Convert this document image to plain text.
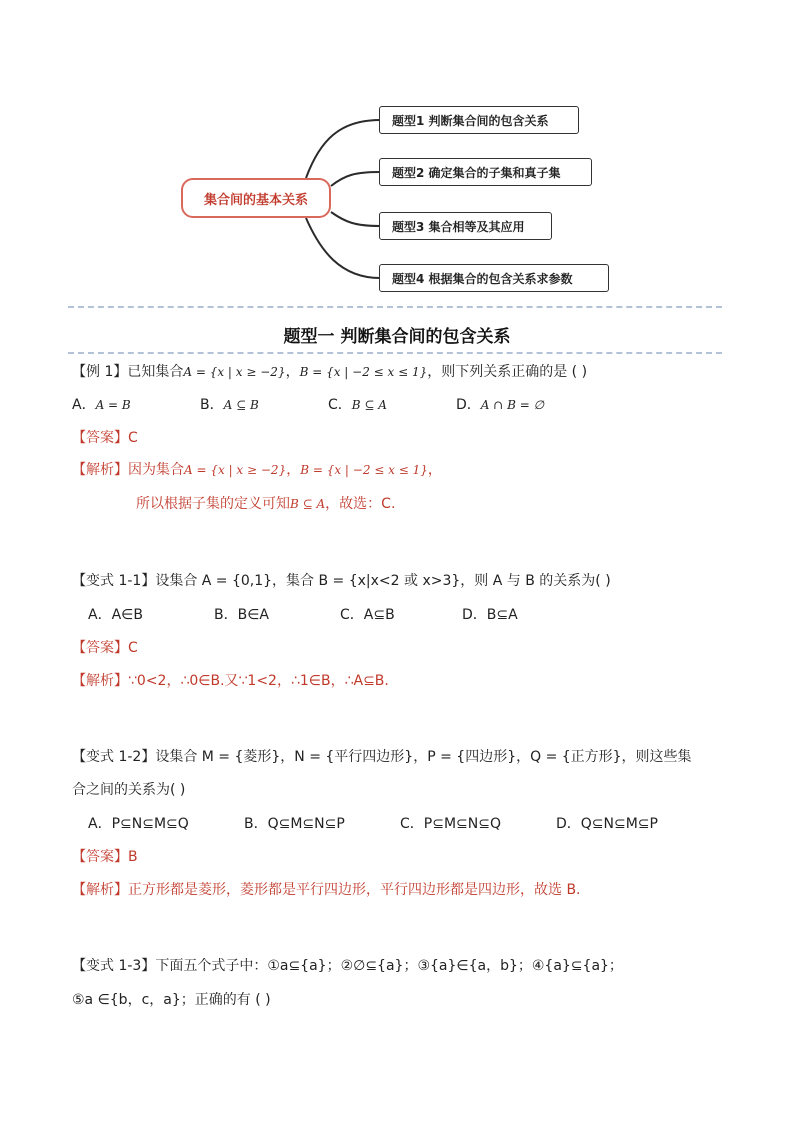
集合间的基本关系
题型1 判断集合间的包含关系
题型2 确定集合的子集和真子集
题型3 集合相等及其应用
题型4 根据集合的包含关系求参数
题型一 判断集合间的包含关系
【例 1】已知集合A = {x | x ≥ −2}，B = {x | −2 ≤ x ≤ 1}，则下列关系正确的是 ( )
A．A = B	B．A ⊆ B	C．B ⊆ A	D．A ∩ B = ∅
【答案】C
【解析】因为集合A = {x | x ≥ −2}，B = {x | −2 ≤ x ≤ 1}，
所以根据子集的定义可知B ⊆ A，故选：C.
【变式 1-1】设集合 A = {0,1}，集合 B = {x|x<2 或 x>3}，则 A 与 B 的关系为( )
A．A∈B	B．B∈A	C．A⊆B	D．B⊆A
【答案】C
【解析】∵0<2，∴0∈B.又∵1<2，∴1∈B，∴A⊆B.
【变式 1-2】设集合 M = {菱形}，N = {平行四边形}，P = {四边形}，Q = {正方形}，则这些集
合之间的关系为( )
A．P⊆N⊆M⊆Q	B．Q⊆M⊆N⊆P	C．P⊆M⊆N⊆Q	D．Q⊆N⊆M⊆P
【答案】B
【解析】正方形都是菱形，菱形都是平行四边形，平行四边形都是四边形，故选 B.
【变式 1-3】下面五个式子中：①a⊆{a}；②∅⊆{a}；③{a}∈{a，b}；④{a}⊆{a}；
⑤a ∈{b，c，a}；正确的有 ( )
